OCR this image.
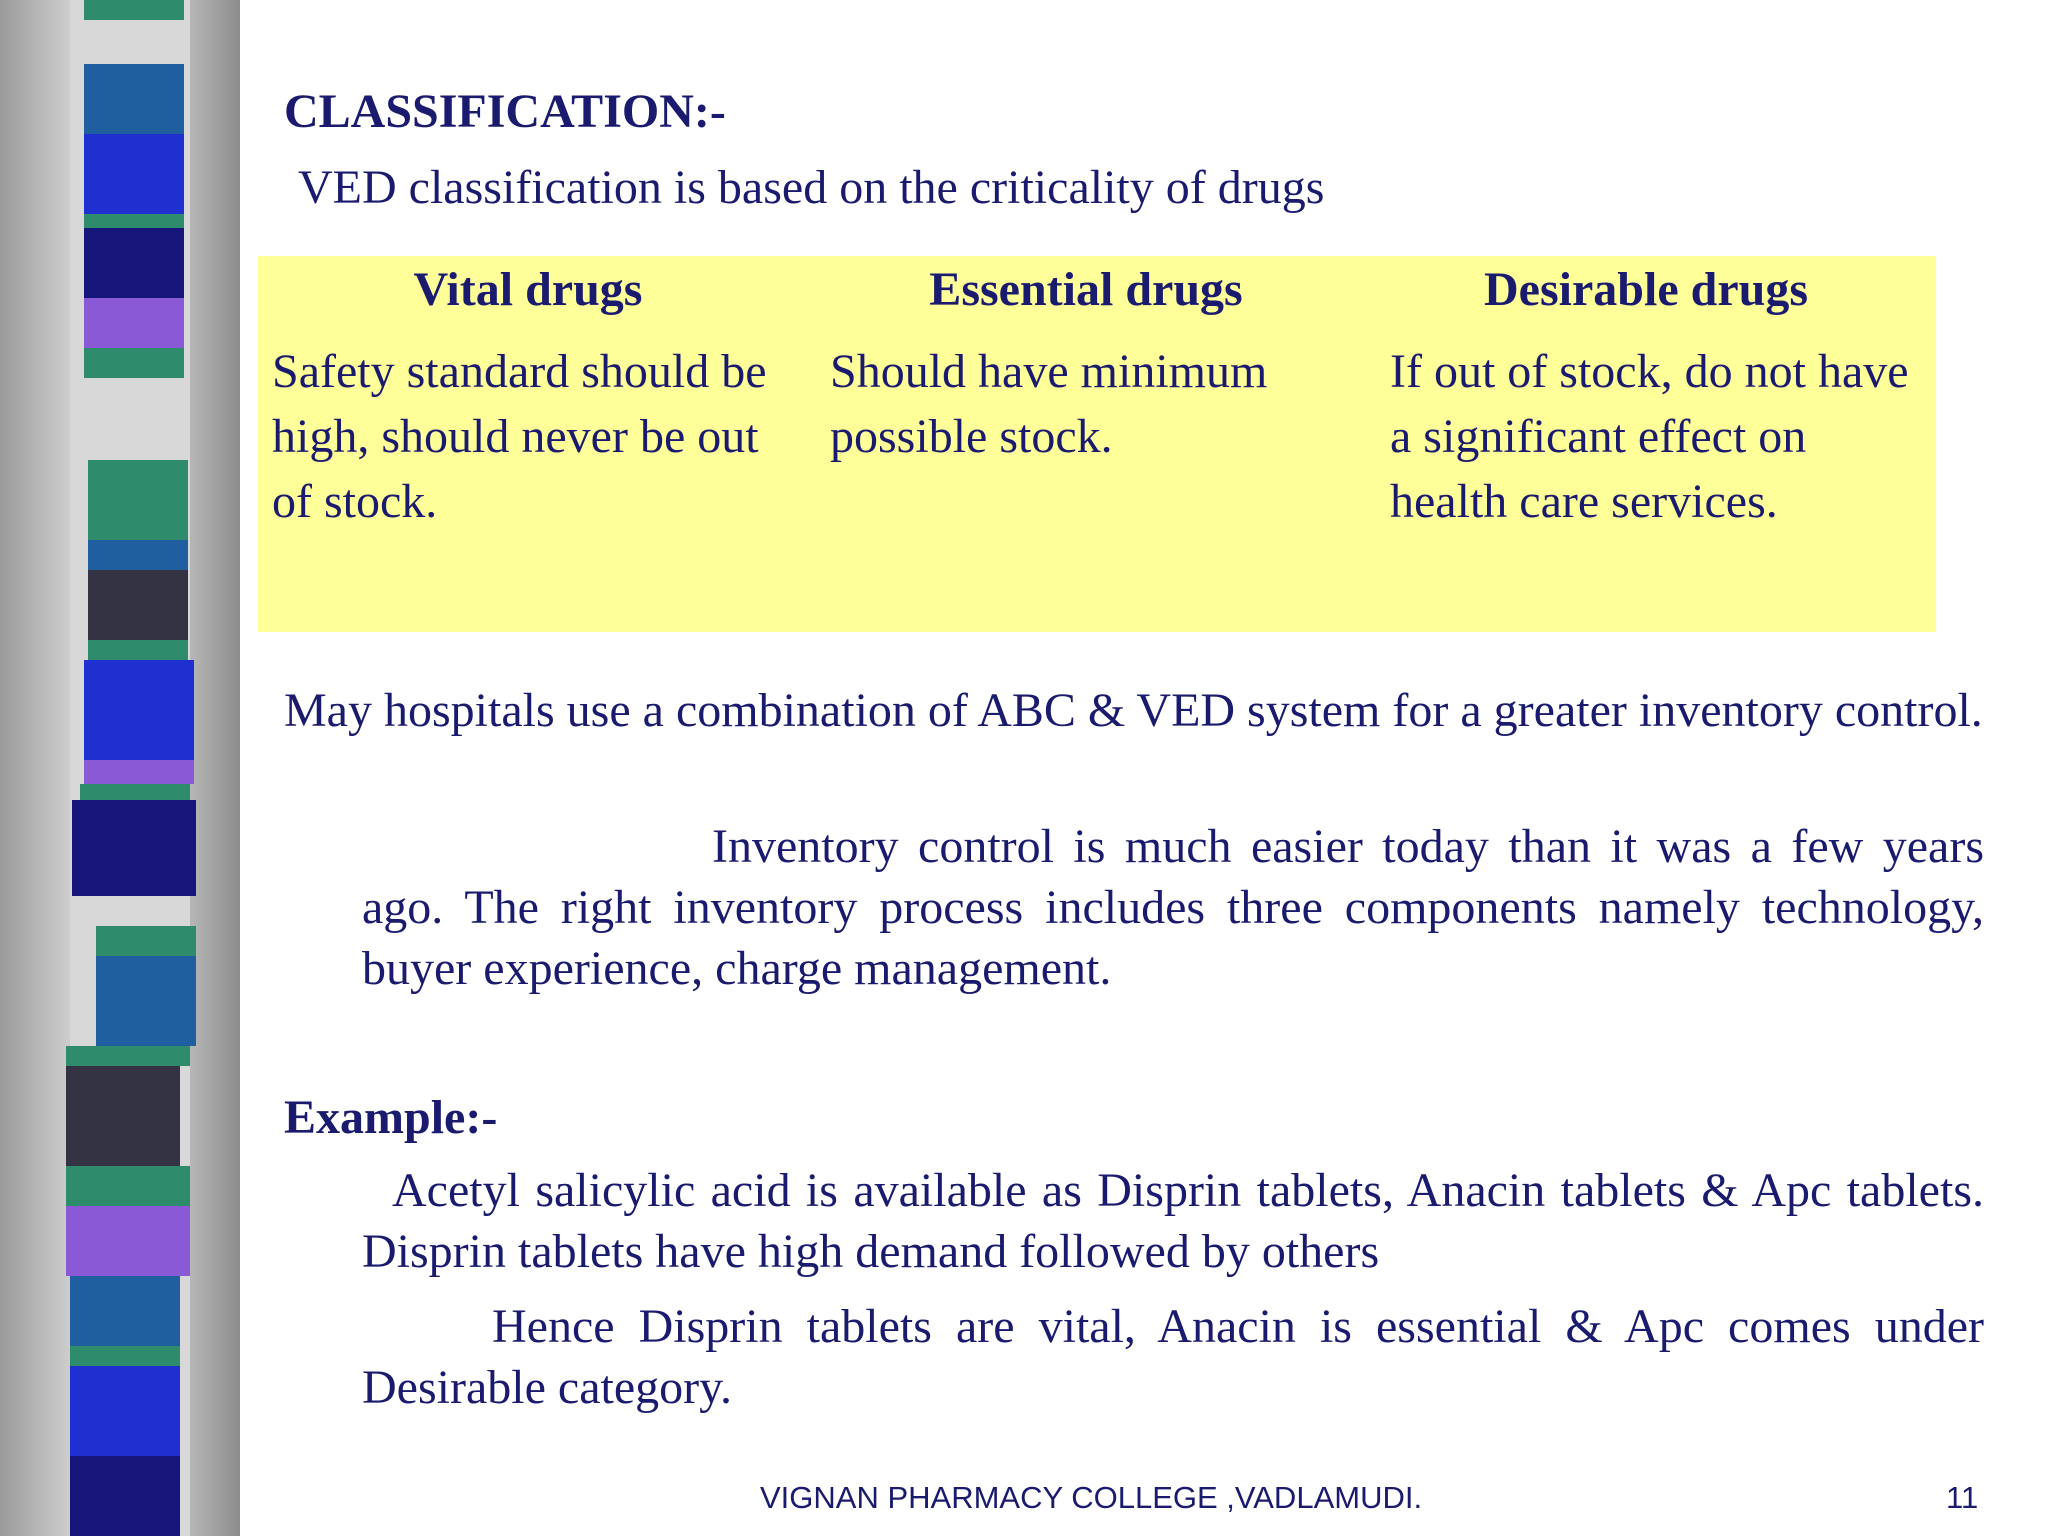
CLASSIFICATION:-
VED classification is based on the criticality of drugs
Vital drugs
Safety standard should be high, should never be out of stock.
Essential drugs
Should have minimum possible stock.
Desirable drugs
If out of stock, do not have a significant effect on health care services.
May hospitals use a combination of ABC & VED system for a greater inventory control.
Inventory control is much easier today than it was a few years ago. The right inventory process includes three components namely technology, buyer experience, charge management.
Example:-
Acetyl salicylic acid is available as Disprin tablets, Anacin tablets & Apc tablets. Disprin tablets have high demand followed by others
Hence Disprin tablets are vital, Anacin is essential & Apc comes under Desirable category.
VIGNAN PHARMACY COLLEGE ,VADLAMUDI.	11
